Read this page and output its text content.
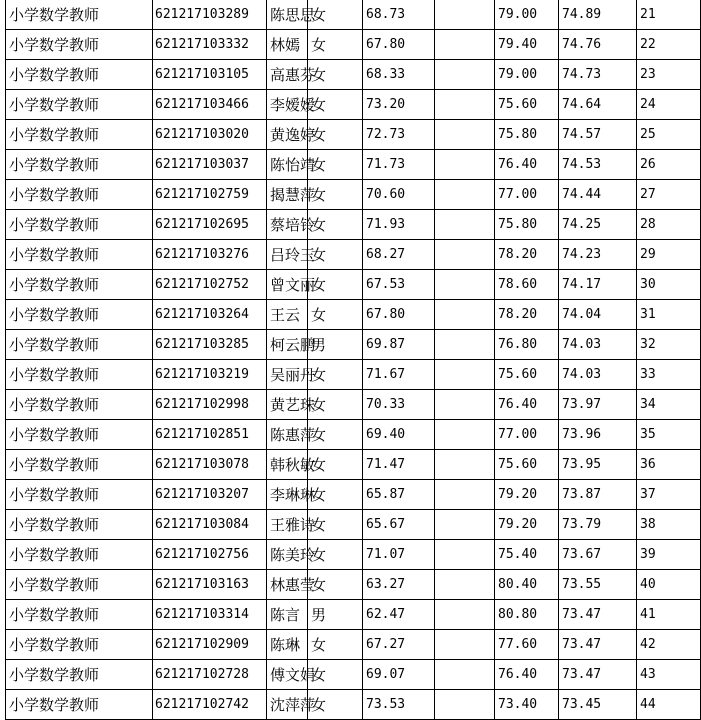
小学数学教师	621217103289	陈思思	女	68.73		79.00	74.89	21
小学数学教师	621217103332	林嫣	女	67.80		79.40	74.76	22
小学数学教师	621217103105	高惠芬	女	68.33		79.00	74.73	23
小学数学教师	621217103466	李嫒嫒	女	73.20		75.60	74.64	24
小学数学教师	621217103020	黄逸婷	女	72.73		75.80	74.57	25
小学数学教师	621217103037	陈怡靖	女	71.73		76.40	74.53	26
小学数学教师	621217102759	揭慧萍	女	70.60		77.00	74.44	27
小学数学教师	621217102695	蔡培铃	女	71.93		75.80	74.25	28
小学数学教师	621217103276	吕玲玉	女	68.27		78.20	74.23	29
小学数学教师	621217102752	曾文丽	女	67.53		78.60	74.17	30
小学数学教师	621217103264	王云	女	67.80		78.20	74.04	31
小学数学教师	621217103285	柯云鹏	男	69.87		76.80	74.03	32
小学数学教师	621217103219	吴丽丹	女	71.67		75.60	74.03	33
小学数学教师	621217102998	黄艺珠	女	70.33		76.40	73.97	34
小学数学教师	621217102851	陈惠萍	女	69.40		77.00	73.96	35
小学数学教师	621217103078	韩秋敏	女	71.47		75.60	73.95	36
小学数学教师	621217103207	李琳琳	女	65.87		79.20	73.87	37
小学数学教师	621217103084	王雅诗	女	65.67		79.20	73.79	38
小学数学教师	621217102756	陈美玲	女	71.07		75.40	73.67	39
小学数学教师	621217103163	林惠莹	女	63.27		80.40	73.55	40
小学数学教师	621217103314	陈言	男	62.47		80.80	73.47	41
小学数学教师	621217102909	陈琳	女	67.27		77.60	73.47	42
小学数学教师	621217102728	傅文娟	女	69.07		76.40	73.47	43
小学数学教师	621217102742	沈萍萍	女	73.53		73.40	73.45	44
